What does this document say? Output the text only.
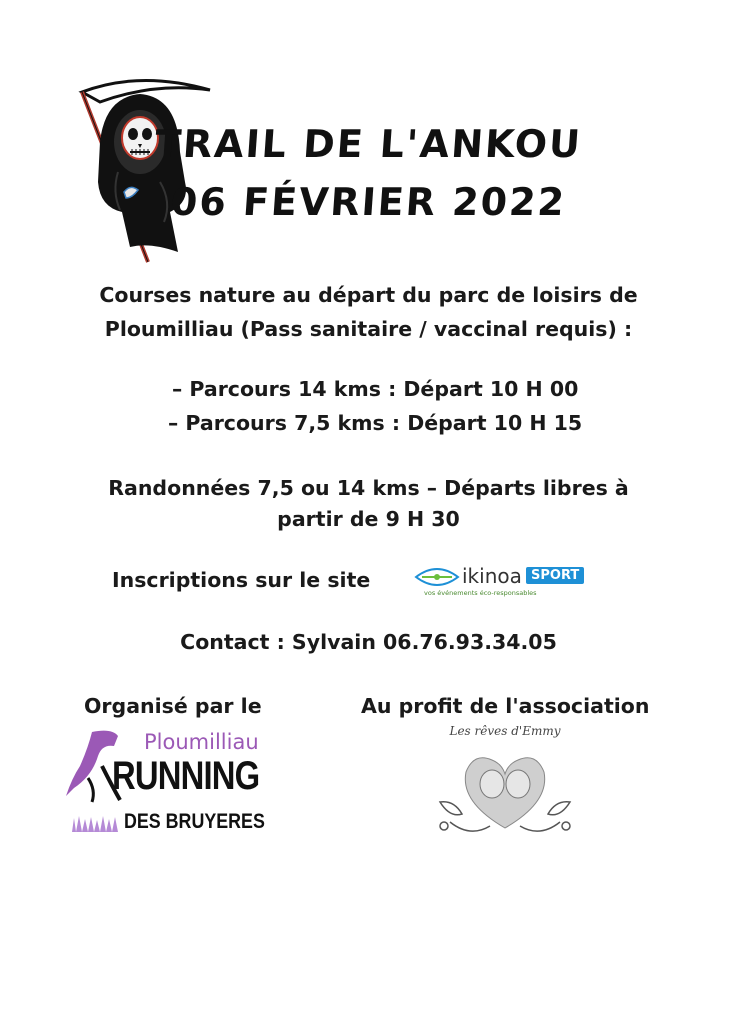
TRAIL DE L'ANKOU
06 FÉVRIER 2022
Courses nature au départ du parc de loisirs de
Ploumilliau (Pass sanitaire / vaccinal requis) :
– Parcours 14 kms : Départ 10 H 00
– Parcours 7,5 kms : Départ 10 H 15
Randonnées 7,5 ou 14 kms – Départs libres à
partir de 9 H 30
Inscriptions sur le site	ikinoa SPORT
vos événements éco-responsables
Contact : Sylvain 06.76.93.34.05
Organisé par le
Ploumilliau
RUNNING
DES BRUYERES
Au profit de l'association
Les rêves d'Emmy
